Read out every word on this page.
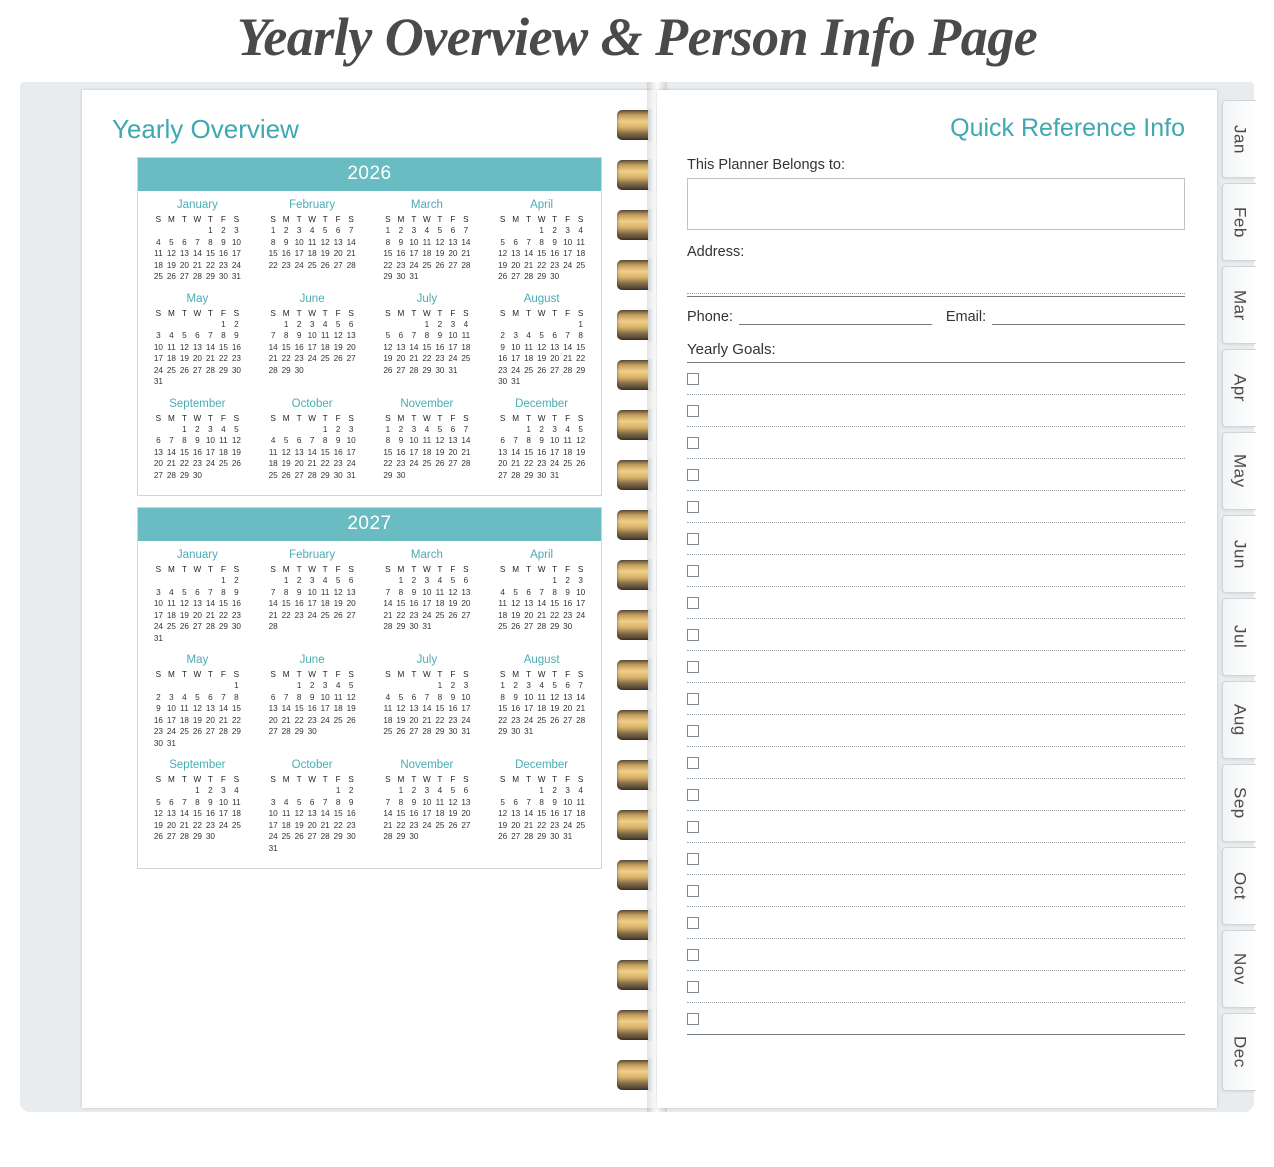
Yearly Overview & Person Info Page
Yearly Overview
2026
January
S	M	T	W	T	F	S
				1	2	3
4	5	6	7	8	9	10
11	12	13	14	15	16	17
18	19	20	21	22	23	24
25	26	27	28	29	30	31
February
S	M	T	W	T	F	S
1	2	3	4	5	6	7
8	9	10	11	12	13	14
15	16	17	18	19	20	21
22	23	24	25	26	27	28
March
S	M	T	W	T	F	S
1	2	3	4	5	6	7
8	9	10	11	12	13	14
15	16	17	18	19	20	21
22	23	24	25	26	27	28
29	30	31				
April
S	M	T	W	T	F	S
			1	2	3	4
5	6	7	8	9	10	11
12	13	14	15	16	17	18
19	20	21	22	23	24	25
26	27	28	29	30		
May
S	M	T	W	T	F	S
					1	2
3	4	5	6	7	8	9
10	11	12	13	14	15	16
17	18	19	20	21	22	23
24	25	26	27	28	29	30
31						
June
S	M	T	W	T	F	S
	1	2	3	4	5	6
7	8	9	10	11	12	13
14	15	16	17	18	19	20
21	22	23	24	25	26	27
28	29	30				
July
S	M	T	W	T	F	S
			1	2	3	4
5	6	7	8	9	10	11
12	13	14	15	16	17	18
19	20	21	22	23	24	25
26	27	28	29	30	31	
August
S	M	T	W	T	F	S
						1
2	3	4	5	6	7	8
9	10	11	12	13	14	15
16	17	18	19	20	21	22
23	24	25	26	27	28	29
30	31					
September
S	M	T	W	T	F	S
		1	2	3	4	5
6	7	8	9	10	11	12
13	14	15	16	17	18	19
20	21	22	23	24	25	26
27	28	29	30			
October
S	M	T	W	T	F	S
				1	2	3
4	5	6	7	8	9	10
11	12	13	14	15	16	17
18	19	20	21	22	23	24
25	26	27	28	29	30	31
November
S	M	T	W	T	F	S
1	2	3	4	5	6	7
8	9	10	11	12	13	14
15	16	17	18	19	20	21
22	23	24	25	26	27	28
29	30					
December
S	M	T	W	T	F	S
		1	2	3	4	5
6	7	8	9	10	11	12
13	14	15	16	17	18	19
20	21	22	23	24	25	26
27	28	29	30	31		
2027
January
S	M	T	W	T	F	S
					1	2
3	4	5	6	7	8	9
10	11	12	13	14	15	16
17	18	19	20	21	22	23
24	25	26	27	28	29	30
31						
February
S	M	T	W	T	F	S
	1	2	3	4	5	6
7	8	9	10	11	12	13
14	15	16	17	18	19	20
21	22	23	24	25	26	27
28						
March
S	M	T	W	T	F	S
	1	2	3	4	5	6
7	8	9	10	11	12	13
14	15	16	17	18	19	20
21	22	23	24	25	26	27
28	29	30	31			
April
S	M	T	W	T	F	S
				1	2	3
4	5	6	7	8	9	10
11	12	13	14	15	16	17
18	19	20	21	22	23	24
25	26	27	28	29	30	
May
S	M	T	W	T	F	S
						1
2	3	4	5	6	7	8
9	10	11	12	13	14	15
16	17	18	19	20	21	22
23	24	25	26	27	28	29
30	31					
June
S	M	T	W	T	F	S
		1	2	3	4	5
6	7	8	9	10	11	12
13	14	15	16	17	18	19
20	21	22	23	24	25	26
27	28	29	30			
July
S	M	T	W	T	F	S
				1	2	3
4	5	6	7	8	9	10
11	12	13	14	15	16	17
18	19	20	21	22	23	24
25	26	27	28	29	30	31
August
S	M	T	W	T	F	S
1	2	3	4	5	6	7
8	9	10	11	12	13	14
15	16	17	18	19	20	21
22	23	24	25	26	27	28
29	30	31				
September
S	M	T	W	T	F	S
			1	2	3	4
5	6	7	8	9	10	11
12	13	14	15	16	17	18
19	20	21	22	23	24	25
26	27	28	29	30		
October
S	M	T	W	T	F	S
					1	2
3	4	5	6	7	8	9
10	11	12	13	14	15	16
17	18	19	20	21	22	23
24	25	26	27	28	29	30
31						
November
S	M	T	W	T	F	S
	1	2	3	4	5	6
7	8	9	10	11	12	13
14	15	16	17	18	19	20
21	22	23	24	25	26	27
28	29	30				
December
S	M	T	W	T	F	S
			1	2	3	4
5	6	7	8	9	10	11
12	13	14	15	16	17	18
19	20	21	22	23	24	25
26	27	28	29	30	31	
Quick Reference Info
This Planner Belongs to:
Address:
Phone:	Email:
Yearly Goals:
Jan
Feb
Mar
Apr
May
Jun
Jul
Aug
Sep
Oct
Nov
Dec
